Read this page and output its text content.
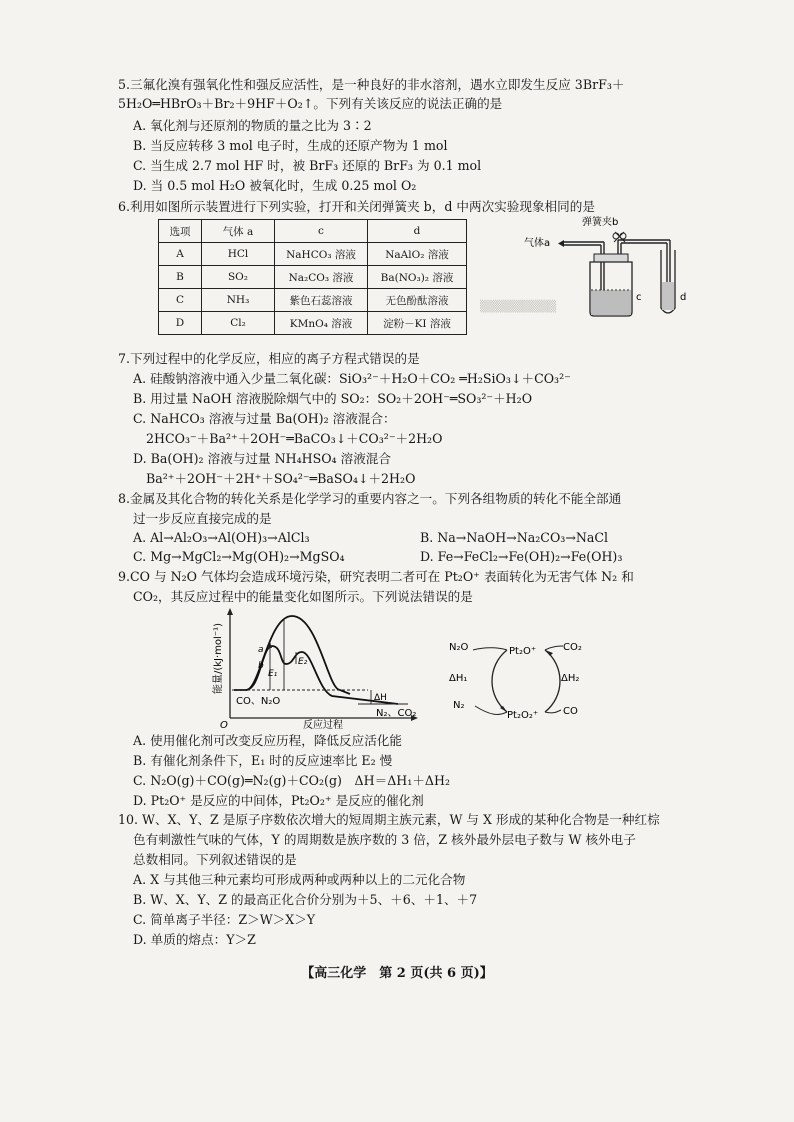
▒▒▒▒▒▒▒▒▒
5.三氟化溴有强氧化性和强反应活性，是一种良好的非水溶剂，遇水立即发生反应 3BrF₃＋
5H₂O═HBrO₃＋Br₂＋9HF＋O₂↑。下列有关该反应的说法正确的是
A. 氧化剂与还原剂的物质的量之比为 3∶2
B. 当反应转移 3 mol 电子时，生成的还原产物为 1 mol
C. 当生成 2.7 mol HF 时，被 BrF₃ 还原的 BrF₃ 为 0.1 mol
D. 当 0.5 mol H₂O 被氧化时，生成 0.25 mol O₂
6.利用如图所示装置进行下列实验，打开和关闭弹簧夹 b，d 中两次实验现象相同的是
选项	气体 a	c	d
A	HCl	NaHCO₃ 溶液	NaAlO₂ 溶液
B	SO₂	Na₂CO₃ 溶液	Ba(NO₃)₂ 溶液
C	NH₃	紫色石蕊溶液	无色酚酞溶液
D	Cl₂	KMnO₄ 溶液	淀粉－KI 溶液
弹簧夹b
气体a
c	d
7.下列过程中的化学反应，相应的离子方程式错误的是
A. 硅酸钠溶液中通入少量二氧化碳：SiO₃²⁻＋H₂O＋CO₂ ═H₂SiO₃↓＋CO₃²⁻
B. 用过量 NaOH 溶液脱除烟气中的 SO₂：SO₂＋2OH⁻═SO₃²⁻＋H₂O
C. NaHCO₃ 溶液与过量 Ba(OH)₂ 溶液混合：
2HCO₃⁻＋Ba²⁺＋2OH⁻═BaCO₃↓＋CO₃²⁻＋2H₂O
D. Ba(OH)₂ 溶液与过量 NH₄HSO₄ 溶液混合
Ba²⁺＋2OH⁻＋2H⁺＋SO₄²⁻═BaSO₄↓＋2H₂O
8.金属及其化合物的转化关系是化学学习的重要内容之一。下列各组物质的转化不能全部通
过一步反应直接完成的是
A. Al→Al₂O₃→Al(OH)₃→AlCl₃	B. Na→NaOH→Na₂CO₃→NaCl
C. Mg→MgCl₂→Mg(OH)₂→MgSO₄	D. Fe→FeCl₂→Fe(OH)₂→Fe(OH)₃
9.CO 与 N₂O 气体均会造成环境污染，研究表明二者可在 Pt₂O⁺ 表面转化为无害气体 N₂ 和
CO₂，其反应过程中的能量变化如图所示。下列说法错误的是
O	反应过程
能量/(kJ·mol⁻¹)	a
b
E₁
E₂
CO、N₂O	ΔH
N₂、CO₂
N₂O
ΔH₁
N₂
Pt₂O⁺
Pt₂O₂⁺
CO₂
ΔH₂
CO
A. 使用催化剂可改变反应历程，降低反应活化能
B. 有催化剂条件下，E₁ 时的反应速率比 E₂ 慢
C. N₂O(g)＋CO(g)═N₂(g)＋CO₂(g)　ΔH＝ΔH₁＋ΔH₂
D. Pt₂O⁺ 是反应的中间体，Pt₂O₂⁺ 是反应的催化剂
10. W、X、Y、Z 是原子序数依次增大的短周期主族元素，W 与 X 形成的某种化合物是一种红棕
色有刺激性气味的气体，Y 的周期数是族序数的 3 倍，Z 核外最外层电子数与 W 核外电子
总数相同。下列叙述错误的是
A. X 与其他三种元素均可形成两种或两种以上的二元化合物
B. W、X、Y、Z 的最高正化合价分别为＋5、＋6、＋1、＋7
C. 简单离子半径：Z＞W＞X＞Y
D. 单质的熔点：Y＞Z
【高三化学　第 2 页(共 6 页)】
